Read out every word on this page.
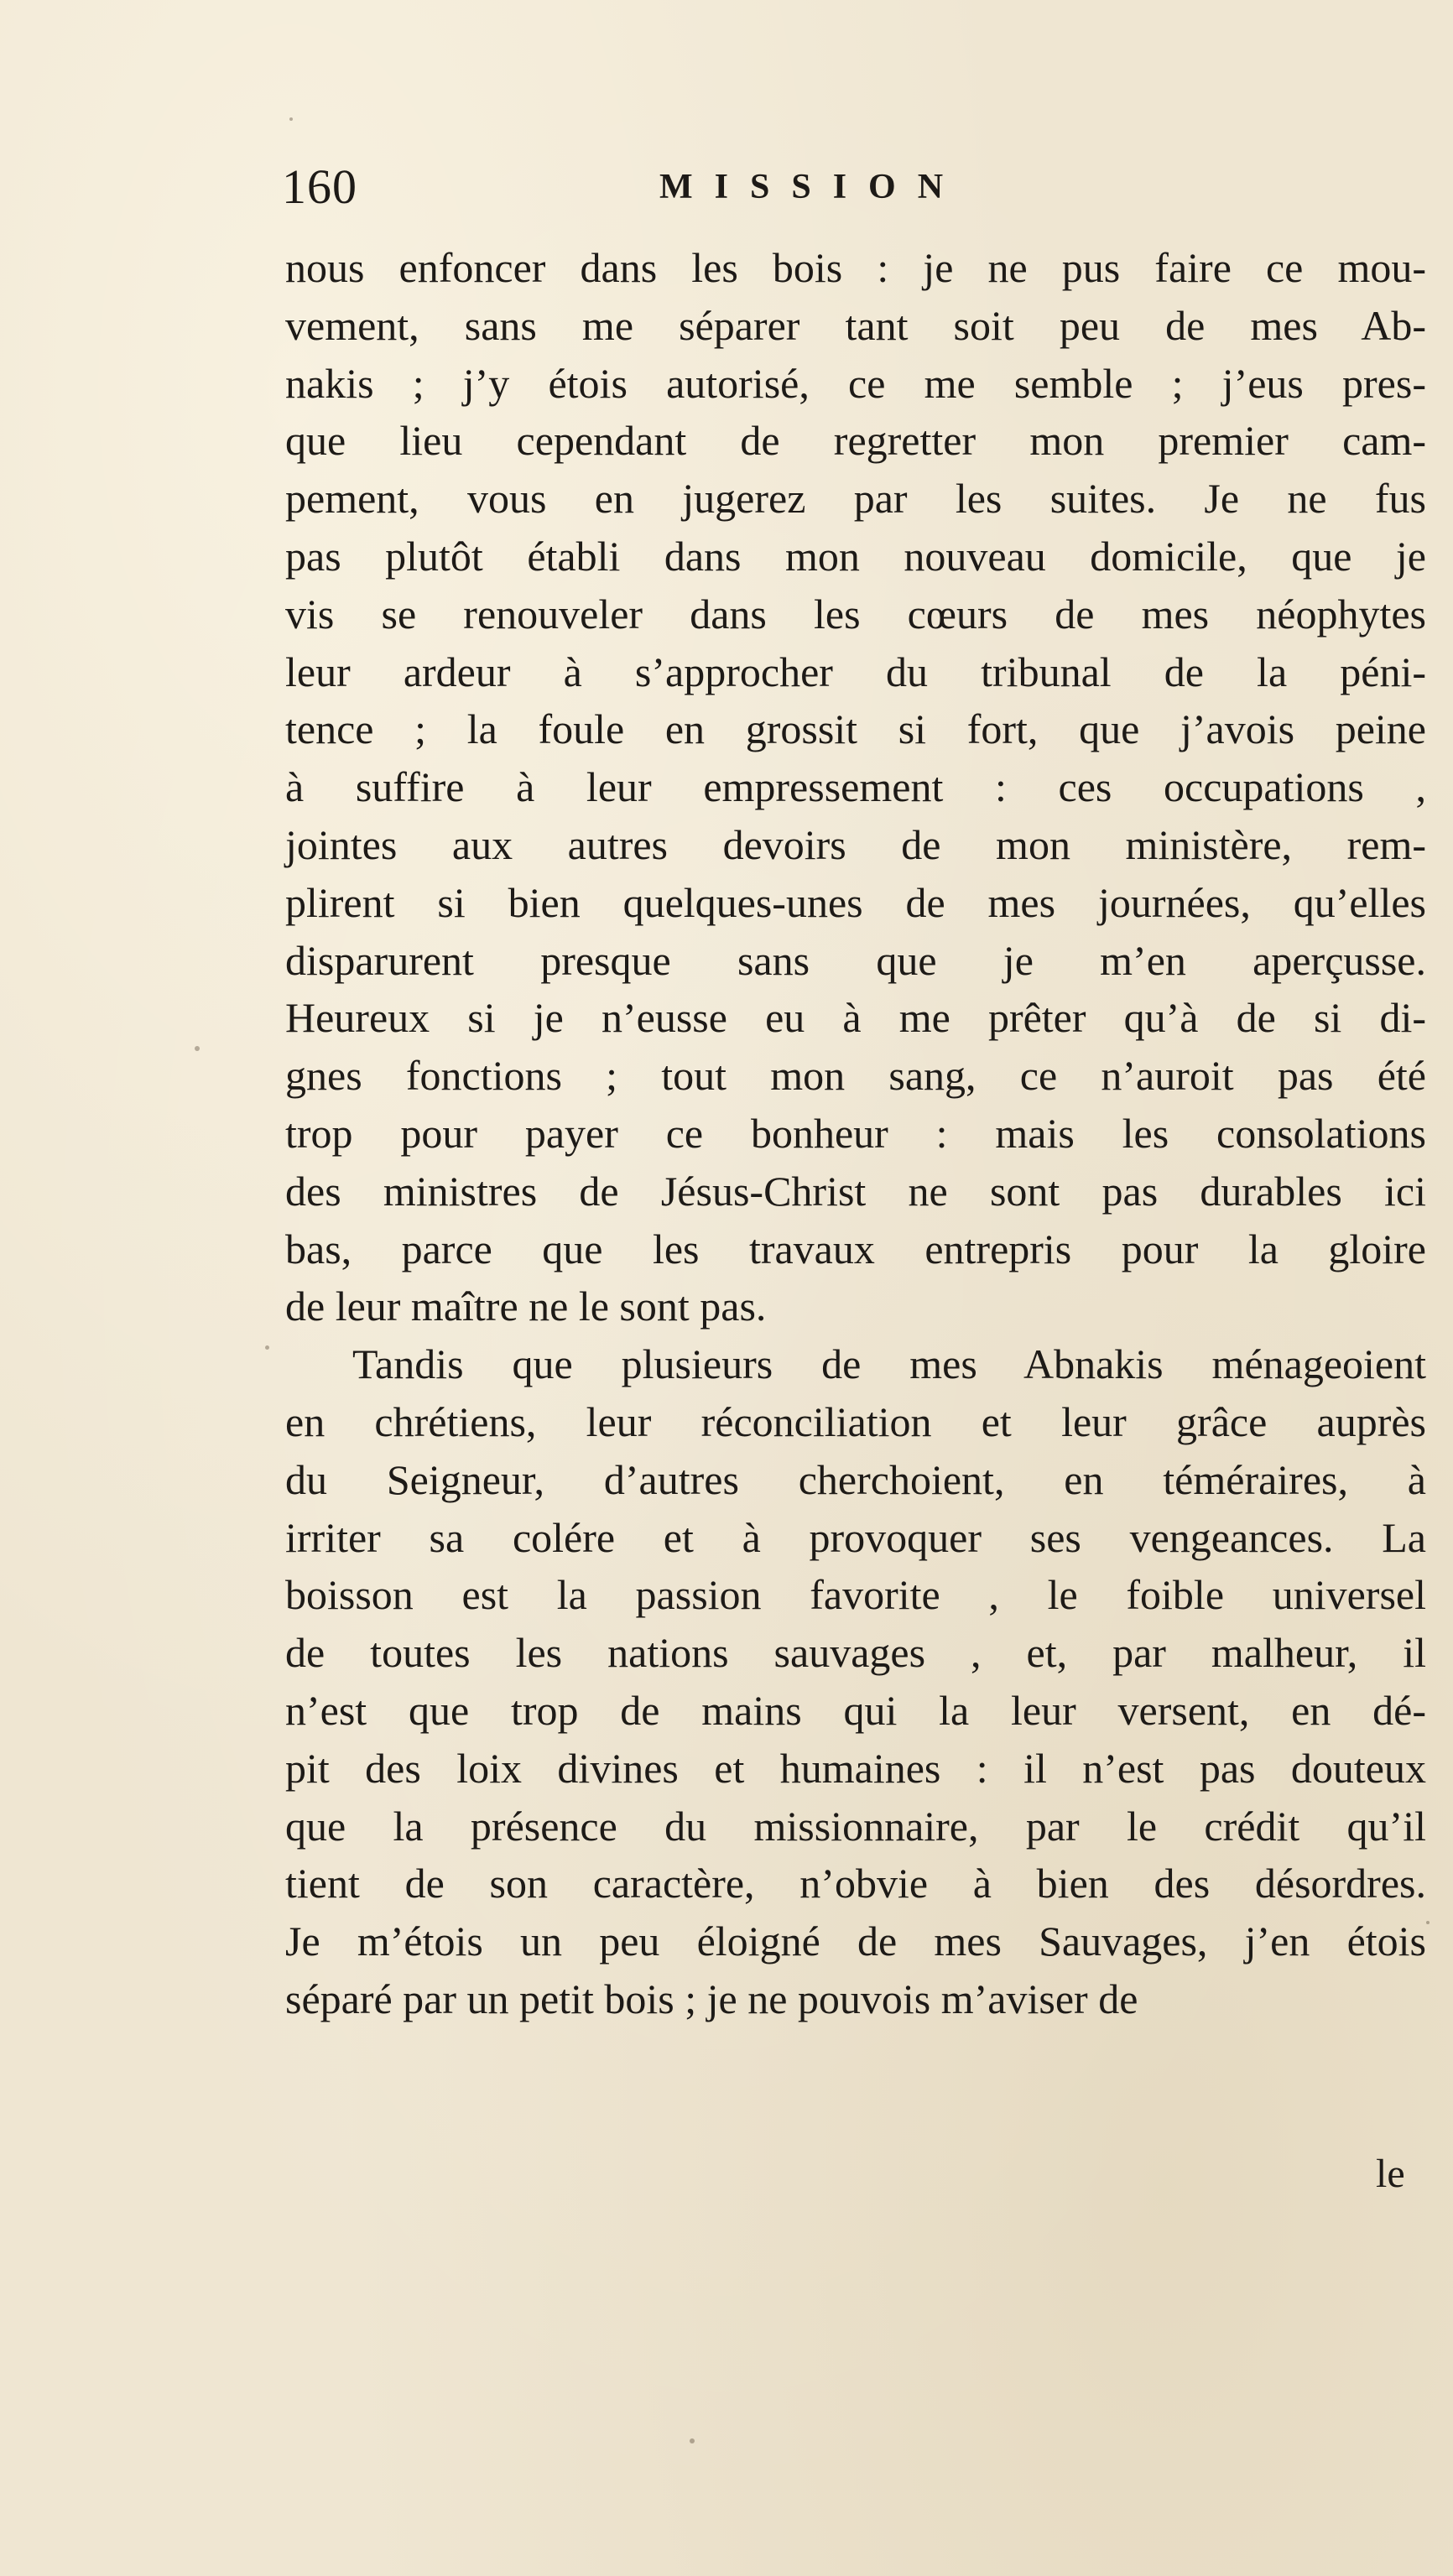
160	MISSION
nous enfoncer dans les bois : je ne pus faire ce mou-
vement, sans me séparer tant soit peu de mes Ab-
nakis ; j’y étois autorisé, ce me semble ; j’eus pres-
que lieu cependant de regretter mon premier cam-
pement, vous en jugerez par les suites. Je ne fus
pas plutôt établi dans mon nouveau domicile, que je
vis se renouveler dans les cœurs de mes néophytes
leur ardeur à s’approcher du tribunal de la péni-
tence ; la foule en grossit si fort, que j’avois peine
à suffire à leur empressement : ces occupations ,
jointes aux autres devoirs de mon ministère, rem-
plirent si bien quelques-unes de mes journées, qu’elles
disparurent presque sans que je m’en aperçusse.
Heureux si je n’eusse eu à me prêter qu’à de si di-
gnes fonctions ; tout mon sang, ce n’auroit pas été
trop pour payer ce bonheur : mais les consolations
des ministres de Jésus-Christ ne sont pas durables ici
bas, parce que les travaux entrepris pour la gloire
de leur maître ne le sont pas.
Tandis que plusieurs de mes Abnakis ménageoient
en chrétiens, leur réconciliation et leur grâce auprès
du Seigneur, d’autres cherchoient, en téméraires, à
irriter sa colére et à provoquer ses vengeances. La
boisson est la passion favorite , le foible universel
de toutes les nations sauvages , et, par malheur, il
n’est que trop de mains qui la leur versent, en dé-
pit des loix divines et humaines : il n’est pas douteux
que la présence du missionnaire, par le crédit qu’il
tient de son caractère, n’obvie à bien des désordres.
Je m’étois un peu éloigné de mes Sauvages, j’en étois
séparé par un petit bois ; je ne pouvois m’aviser de
le
